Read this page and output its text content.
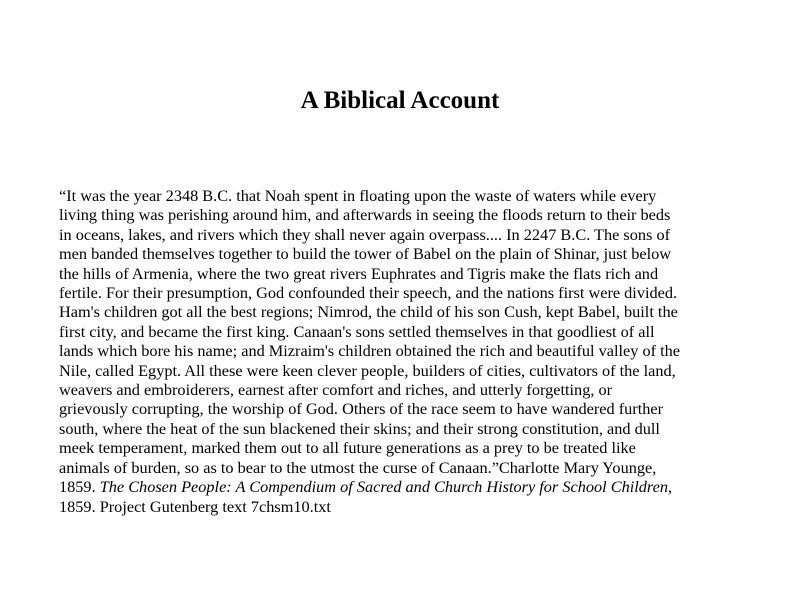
A Biblical Account
“It was the year 2348 B.C. that Noah spent in floating upon the waste of waters while every
living thing was perishing around him, and afterwards in seeing the floods return to their beds
in oceans, lakes, and rivers which they shall never again overpass.... In 2247 B.C. The sons of
men banded themselves together to build the tower of Babel on the plain of Shinar, just below
the hills of Armenia, where the two great rivers Euphrates and Tigris make the flats rich and
fertile. For their presumption, God confounded their speech, and the nations first were divided.
Ham's children got all the best regions; Nimrod, the child of his son Cush, kept Babel, built the
first city, and became the first king. Canaan's sons settled themselves in that goodliest of all
lands which bore his name; and Mizraim's children obtained the rich and beautiful valley of the
Nile, called Egypt. All these were keen clever people, builders of cities, cultivators of the land,
weavers and embroiderers, earnest after comfort and riches, and utterly forgetting, or
grievously corrupting, the worship of God. Others of the race seem to have wandered further
south, where the heat of the sun blackened their skins; and their strong constitution, and dull
meek temperament, marked them out to all future generations as a prey to be treated like
animals of burden, so as to bear to the utmost the curse of Canaan.”Charlotte Mary Younge,
1859. The Chosen People: A Compendium of Sacred and Church History for School Children,
1859. Project Gutenberg text 7chsm10.txt
